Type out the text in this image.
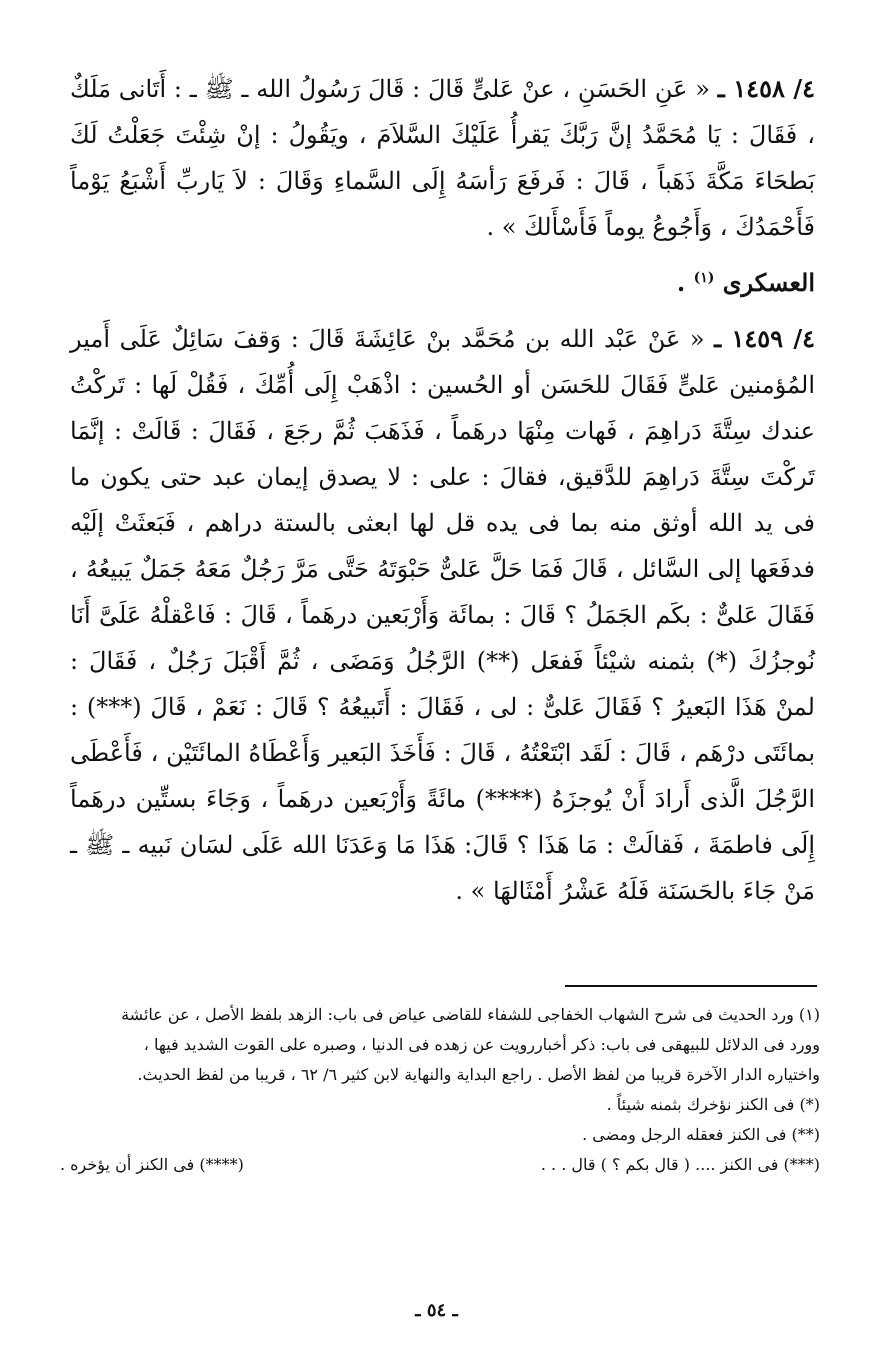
٤/ ١٤٥٨ ـ « عَنِ الحَسَنِ ، عنْ عَلىٍّ قَالَ : قَالَ رَسُولُ الله ـ ﷺ ـ : أَتَانى مَلَكٌ ، فَقَالَ : يَا مُحَمَّدُ إنَّ رَبَّكَ يَقرأُ عَلَيْكَ السَّلاَمَ ، ويَقُولُ : إنْ شِئْتَ جَعَلْتُ لَكَ بَطحَاءَ مَكَّةَ ذَهَباً ، قَالَ : فَرفَعَ رَأسَهُ إِلَى السَّماءِ وَقَالَ : لاَ يَاربِّ أَشْبَعُ يَوْماً فَأَحْمَدُكَ ، وَأَجُوعُ يوماً فَأَسْأَلكَ » .

العسكرى $^{(١)}$ .

٤/ ١٤٥٩ ـ « عَنْ عَبْد الله بن مُحَمَّد بنْ عَائِشَةَ قَالَ : وَقفَ سَائِلٌ عَلَى أَمير المُؤمنين عَلىٍّ فَقَالَ للحَسَن أو الحُسين : اذْهَبْ إِلَى أُمِّكَ ، فَقُلْ لَها : تَركْتُ عندك سِتَّةَ دَراهِمَ ، فَهات مِنْهَا درهَماً ، فَذَهَبَ ثُمَّ رجَعَ ، فَقَالَ : قَالَتْ : إنَّمَا تَركْتَ سِتَّةَ دَراهِمَ للدَّقيق، فقالَ : على : لا يصدق إيمان عبد حتى يكون ما فى يد الله أوثق منه بما فى يده قل لها ابعثى بالستة دراهم ، فَبَعثَتْ إلَيْه فدفَعَها إلى السَّائل ، قَالَ فَمَا حَلَّ عَلىٌّ حَبْوَتَهُ حَتَّى مَرَّ رَجُلٌ مَعَهُ جَمَلٌ يَبيعُهُ ، فَقَالَ عَلىٌّ : بكَم الجَمَلُ ؟ قَالَ : بمائَة وَأَرْبَعين درهَماً ، قَالَ : فَاعْقلْهُ عَلَىَّ أَنَا نُوجزُكَ (*) بثمنه شيْئاً فَفعَل (**) الرَّجُلُ وَمَضَى ، ثُمَّ أَقْبَلَ رَجُلٌ ، فَقَالَ : لمنْ هَذَا البَعيرُ ؟ فَقَالَ عَلىٌّ : لى ، فَقَالَ : أَتَبيعُهُ ؟ قَالَ : نَعَمْ ، قَالَ (***) : بمائَتَى درْهَم ، قَالَ : لَقَد ابْتَعْتُهُ ، قَالَ : فَأَخَذَ البَعير وَأَعْطَاهُ المائَتَيْن ، فَأَعْطَى الرَّجُلَ الَّذى أَرادَ أَنْ يُوجزَهُ (****) مائَةً وَأَرْبَعين درهَماً ، وَجَاءَ بستِّين درهَماً إِلَى فاطمَةَ ، فَقالَتْ : مَا هَذَا ؟ قَالَ: هَذَا مَا وَعَدَنَا الله عَلَى لسَان نَبيه ـ ﷺ ـ مَنْ جَاءَ بالحَسَنَة فَلَهُ عَشْرُ أَمْثَالهَا » .

(١) ورد الحديث فى شرح الشهاب الخفاجى للشفاء للقاضى عياض فى باب: الزهد بلفظ الأصل ، عن عائشة

وورد فى الدلائل للبيهقى فى باب: ذكر أخباررويت عن زهده فى الدنيا ، وصبره على القوت الشديد فيها ،

واختياره الدار الآخرة قريبا من لفظ الأصل . راجع البداية والنهاية لابن كثير ٦/ ٦٢ ، قريبا من لفظ الحديث.

(*) فى الكنز نؤخرك بثمنه شيئاً .

(**) فى الكنز فعقله الرجل ومضى .

(***) فى الكنز .... ( قال بكم ؟ ) قال . . .
(****) فى الكنز أن يؤخره .
ـ ٥٤ ـ
